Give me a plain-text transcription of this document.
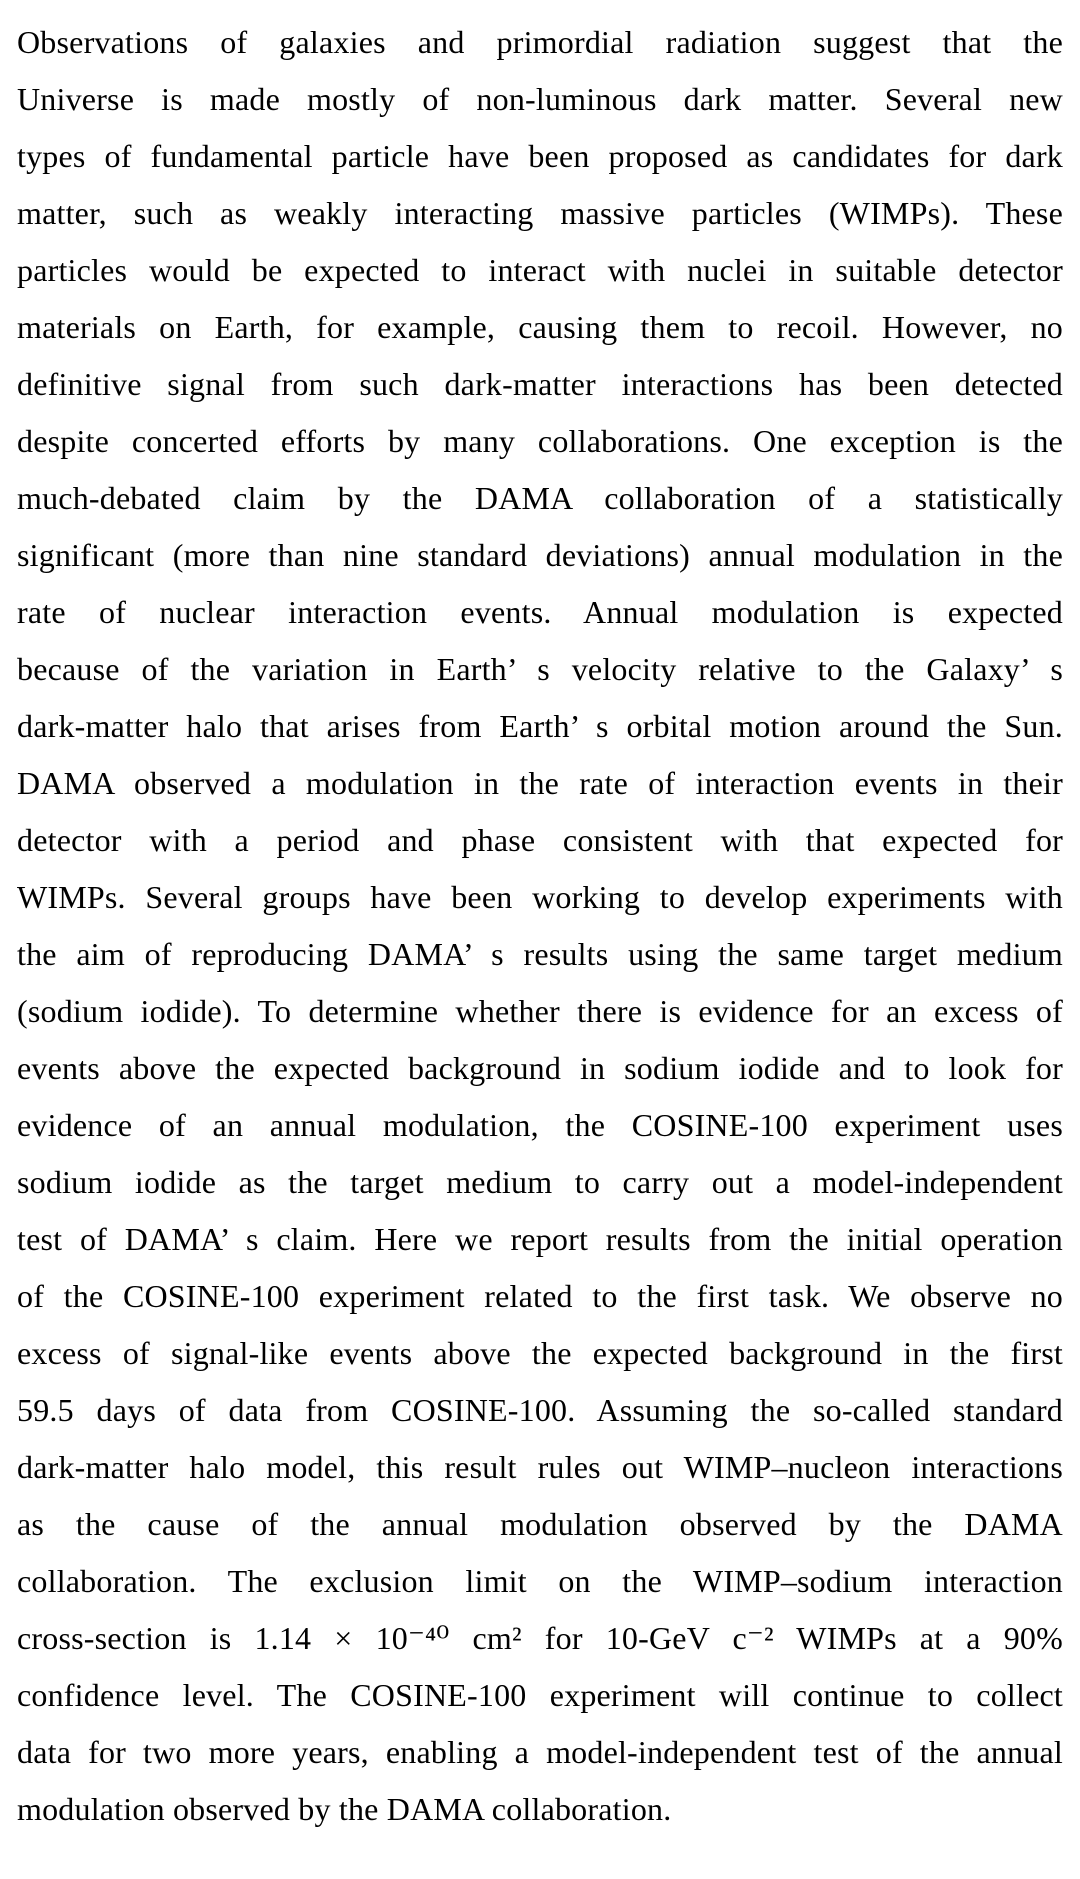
Observations of galaxies and primordial radiation suggest that the
Universe is made mostly of non-luminous dark matter. Several new
types of fundamental particle have been proposed as candidates for dark
matter, such as weakly interacting massive particles (WIMPs). These
particles would be expected to interact with nuclei in suitable detector
materials on Earth, for example, causing them to recoil. However, no
definitive signal from such dark-matter interactions has been detected
despite concerted efforts by many collaborations. One exception is the
much-debated claim by the DAMA collaboration of a statistically
significant (more than nine standard deviations) annual modulation in the
rate of nuclear interaction events. Annual modulation is expected
because of the variation in Earth’ s velocity relative to the Galaxy’ s
dark-matter halo that arises from Earth’ s orbital motion around the Sun.
DAMA observed a modulation in the rate of interaction events in their
detector with a period and phase consistent with that expected for
WIMPs. Several groups have been working to develop experiments with
the aim of reproducing DAMA’ s results using the same target medium
(sodium iodide). To determine whether there is evidence for an excess of
events above the expected background in sodium iodide and to look for
evidence of an annual modulation, the COSINE-100 experiment uses
sodium iodide as the target medium to carry out a model-independent
test of DAMA’ s claim. Here we report results from the initial operation
of the COSINE-100 experiment related to the first task. We observe no
excess of signal-like events above the expected background in the first
59.5 days of data from COSINE-100. Assuming the so-called standard
dark-matter halo model, this result rules out WIMP–nucleon interactions
as the cause of the annual modulation observed by the DAMA
collaboration. The exclusion limit on the WIMP–sodium interaction
cross-section is 1.14 × 10⁻⁴⁰ cm² for 10-GeV c⁻² WIMPs at a 90%
confidence level. The COSINE-100 experiment will continue to collect
data for two more years, enabling a model-independent test of the annual
modulation observed by the DAMA collaboration.
